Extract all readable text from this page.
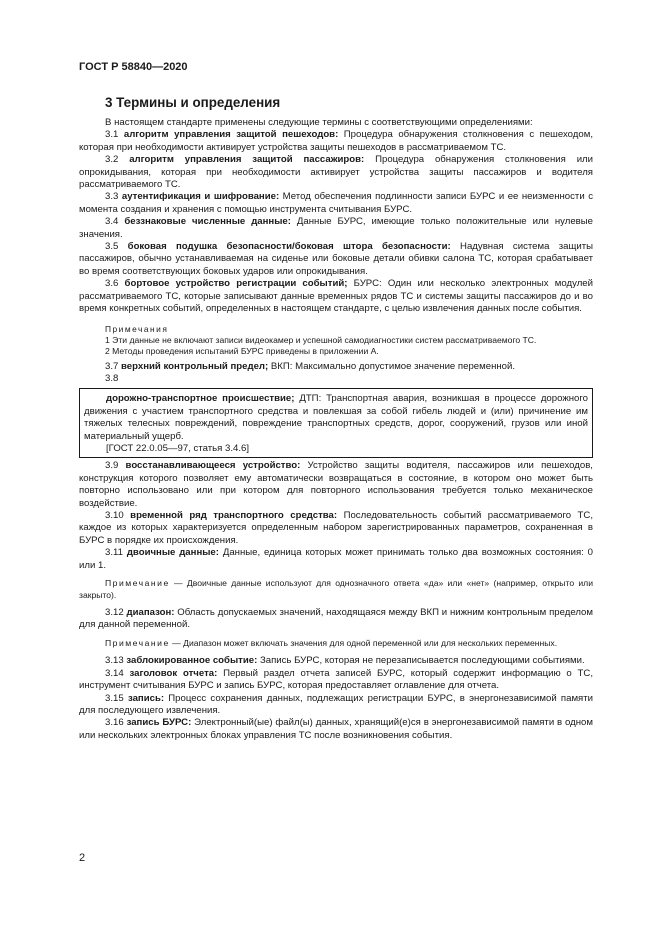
ГОСТ Р 58840—2020
3 Термины и определения

В настоящем стандарте применены следующие термины с соответствующими определениями:

3.1 алгоритм управления защитой пешеходов: Процедура обнаружения столкновения с пешеходом, которая при необходимости активирует устройства защиты пешеходов в рассматриваемом ТС.

3.2 алгоритм управления защитой пассажиров: Процедура обнаружения столкновения или опрокидывания, которая при необходимости активирует устройства защиты пассажиров и водителя рассматриваемого ТС.

3.3 аутентификация и шифрование: Метод обеспечения подлинности записи БУРС и ее неизменности с момента создания и хранения с помощью инструмента считывания БУРС.

3.4 беззнаковые численные данные: Данные БУРС, имеющие только положительные или нулевые значения.

3.5 боковая подушка безопасности/боковая штора безопасности: Надувная система защиты пассажиров, обычно устанавливаемая на сиденье или боковые детали обивки салона ТС, которая срабатывает во время соответствующих боковых ударов или опрокидывания.

3.6 бортовое устройство регистрации событий; БУРС: Один или несколько электронных модулей рассматриваемого ТС, которые записывают данные временных рядов ТС и системы защиты пассажиров до и во время конкретных событий, определенных в настоящем стандарте, с целью извлечения данных после события.

Примечания
1 Эти данные не включают записи видеокамер и успешной самодиагностики систем рассматриваемого ТС.
2 Методы проведения испытаний БУРС приведены в приложении А.

3.7 верхний контрольный предел; ВКП: Максимально допустимое значение переменной.

3.8

дорожно-транспортное происшествие; ДТП: Транспортная авария, возникшая в процессе дорожного движения с участием транспортного средства и повлекшая за собой гибель людей и (или) причинение им тяжелых телесных повреждений, повреждение транспортных средств, дорог, сооружений, грузов или иной материальный ущерб.

[ГОСТ 22.0.05—97, статья 3.4.6]

3.9 восстанавливающееся устройство: Устройство защиты водителя, пассажиров или пешеходов, конструкция которого позволяет ему автоматически возвращаться в состояние, в котором оно может быть повторно использовано или при котором для повторного использования требуется только механическое воздействие.

3.10 временной ряд транспортного средства: Последовательность событий рассматриваемого ТС, каждое из которых характеризуется определенным набором зарегистрированных параметров, сохраненная в БУРС в порядке их происхождения.

3.11 двоичные данные: Данные, единица которых может принимать только два возможных состояния: 0 или 1.

Примечание — Двоичные данные используют для однозначного ответа «да» или «нет» (например, открыто или закрыто).

3.12 диапазон: Область допускаемых значений, находящаяся между ВКП и нижним контрольным пределом для данной переменной.

Примечание — Диапазон может включать значения для одной переменной или для нескольких переменных.

3.13 заблокированное событие: Запись БУРС, которая не перезаписывается последующими событиями.

3.14 заголовок отчета: Первый раздел отчета записей БУРС, который содержит информацию о ТС, инструмент считывания БУРС и запись БУРС, которая предоставляет оглавление для отчета.

3.15 запись: Процесс сохранения данных, подлежащих регистрации БУРС, в энергонезависимой памяти для последующего извлечения.

3.16 запись БУРС: Электронный(ые) файл(ы) данных, хранящий(е)ся в энергонезависимой памяти в одном или нескольких электронных блоках управления ТС после возникновения события.

2
